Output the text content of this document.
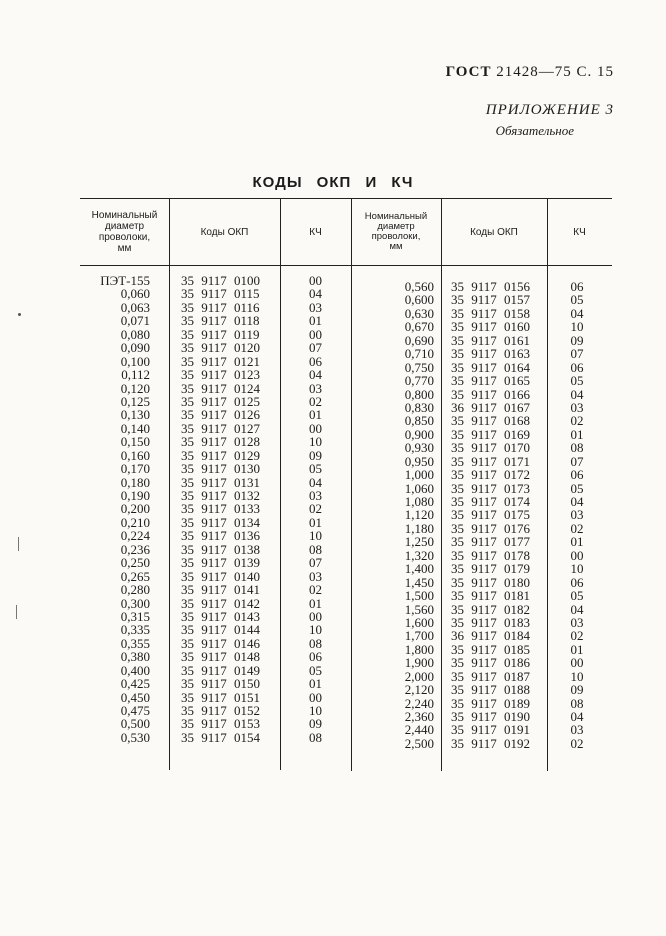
ГОСТ 21428—75 С. 15
ПРИЛОЖЕНИЕ 3
Обязательное
КОДЫ ОКП И КЧ
Номинальный
диаметр
проволоки,
мм
Коды ОКП	КЧ
Номинальный
диаметр
проволоки,
мм
Коды ОКП	КЧ
ПЭТ-155 35 9117 0100	00
0,060 35 9117 0115	04
0,063 35 9117 0116	03
0,071 35 9117 0118	01
0,080 35 9117 0119	00
0,090 35 9117 0120	07
0,100 35 9117 0121	06
0,112 35 9117 0123	04
0,120 35 9117 0124	03
0,125 35 9117 0125	02
0,130 35 9117 0126	01
0,140 35 9117 0127	00
0,150 35 9117 0128	10
0,160 35 9117 0129	09
0,170 35 9117 0130	05
0,180 35 9117 0131	04
0,190 35 9117 0132	03
0,200 35 9117 0133	02
0,210 35 9117 0134	01
0,224 35 9117 0136	10
0,236 35 9117 0138	08
0,250 35 9117 0139	07
0,265 35 9117 0140	03
0,280 35 9117 0141	02
0,300 35 9117 0142	01
0,315 35 9117 0143	00
0,335 35 9117 0144	10
0,355 35 9117 0146	08
0,380 35 9117 0148	06
0,400 35 9117 0149	05
0,425 35 9117 0150	01
0,450 35 9117 0151	00
0,475 35 9117 0152	10
0,500 35 9117 0153	09
0,530 35 9117 0154	08
0,560 35 9117 0156	06
0,600 35 9117 0157	05
0,630 35 9117 0158	04
0,670 35 9117 0160	10
0,690 35 9117 0161	09
0,710 35 9117 0163	07
0,750 35 9117 0164	06
0,770 35 9117 0165	05
0,800 35 9117 0166	04
0,830 36 9117 0167	03
0,850 35 9117 0168	02
0,900 35 9117 0169	01
0,930 35 9117 0170	08
0,950 35 9117 0171	07
1,000 35 9117 0172	06
1,060 35 9117 0173	05
1,080 35 9117 0174	04
1,120 35 9117 0175	03
1,180 35 9117 0176	02
1,250 35 9117 0177	01
1,320 35 9117 0178	00
1,400 35 9117 0179	10
1,450 35 9117 0180	06
1,500 35 9117 0181	05
1,560 35 9117 0182	04
1,600 35 9117 0183	03
1,700 36 9117 0184	02
1,800 35 9117 0185	01
1,900 35 9117 0186	00
2,000 35 9117 0187	10
2,120 35 9117 0188	09
2,240 35 9117 0189	08
2,360 35 9117 0190	04
2,440 35 9117 0191	03
2,500 35 9117 0192	02
